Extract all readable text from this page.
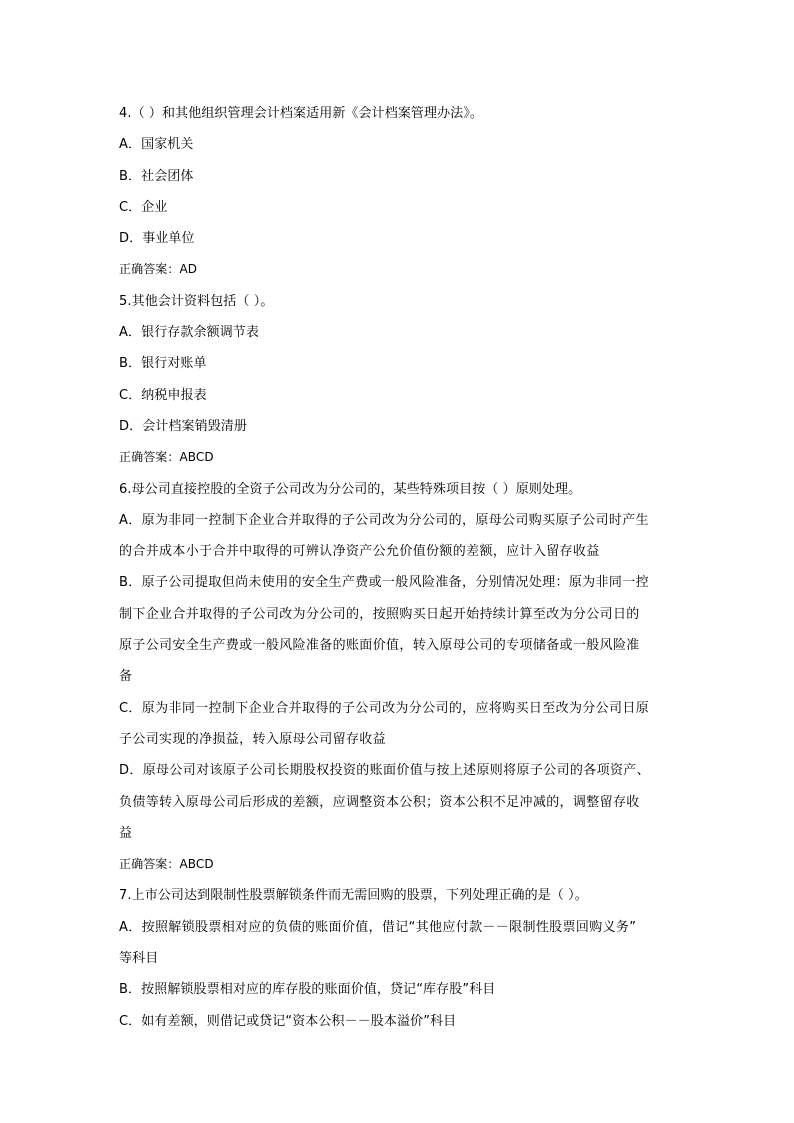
4.（ ）和其他组织管理会计档案适用新《会计档案管理办法》。
A．国家机关
B．社会团体
C．企业
D．事业单位
正确答案：AD
5.其他会计资料包括（ ）。
A．银行存款余额调节表
B．银行对账单
C．纳税申报表
D．会计档案销毁清册
正确答案：ABCD
6.母公司直接控股的全资子公司改为分公司的，某些特殊项目按（ ）原则处理。
A．原为非同一控制下企业合并取得的子公司改为分公司的，原母公司购买原子公司时产生
的合并成本小于合并中取得的可辨认净资产公允价值份额的差额，应计入留存收益
B．原子公司提取但尚未使用的安全生产费或一般风险准备，分别情况处理：原为非同一控
制下企业合并取得的子公司改为分公司的，按照购买日起开始持续计算至改为分公司日的
原子公司安全生产费或一般风险准备的账面价值，转入原母公司的专项储备或一般风险准
备
C．原为非同一控制下企业合并取得的子公司改为分公司的，应将购买日至改为分公司日原
子公司实现的净损益，转入原母公司留存收益
D．原母公司对该原子公司长期股权投资的账面价值与按上述原则将原子公司的各项资产、
负债等转入原母公司后形成的差额，应调整资本公积；资本公积不足冲减的，调整留存收
益
正确答案：ABCD
7.上市公司达到限制性股票解锁条件而无需回购的股票，下列处理正确的是（ ）。
A．按照解锁股票相对应的负债的账面价值，借记“其他应付款－－限制性股票回购义务”
等科目
B．按照解锁股票相对应的库存股的账面价值，贷记“库存股”科目
C．如有差额，则借记或贷记“资本公积－－股本溢价”科目
